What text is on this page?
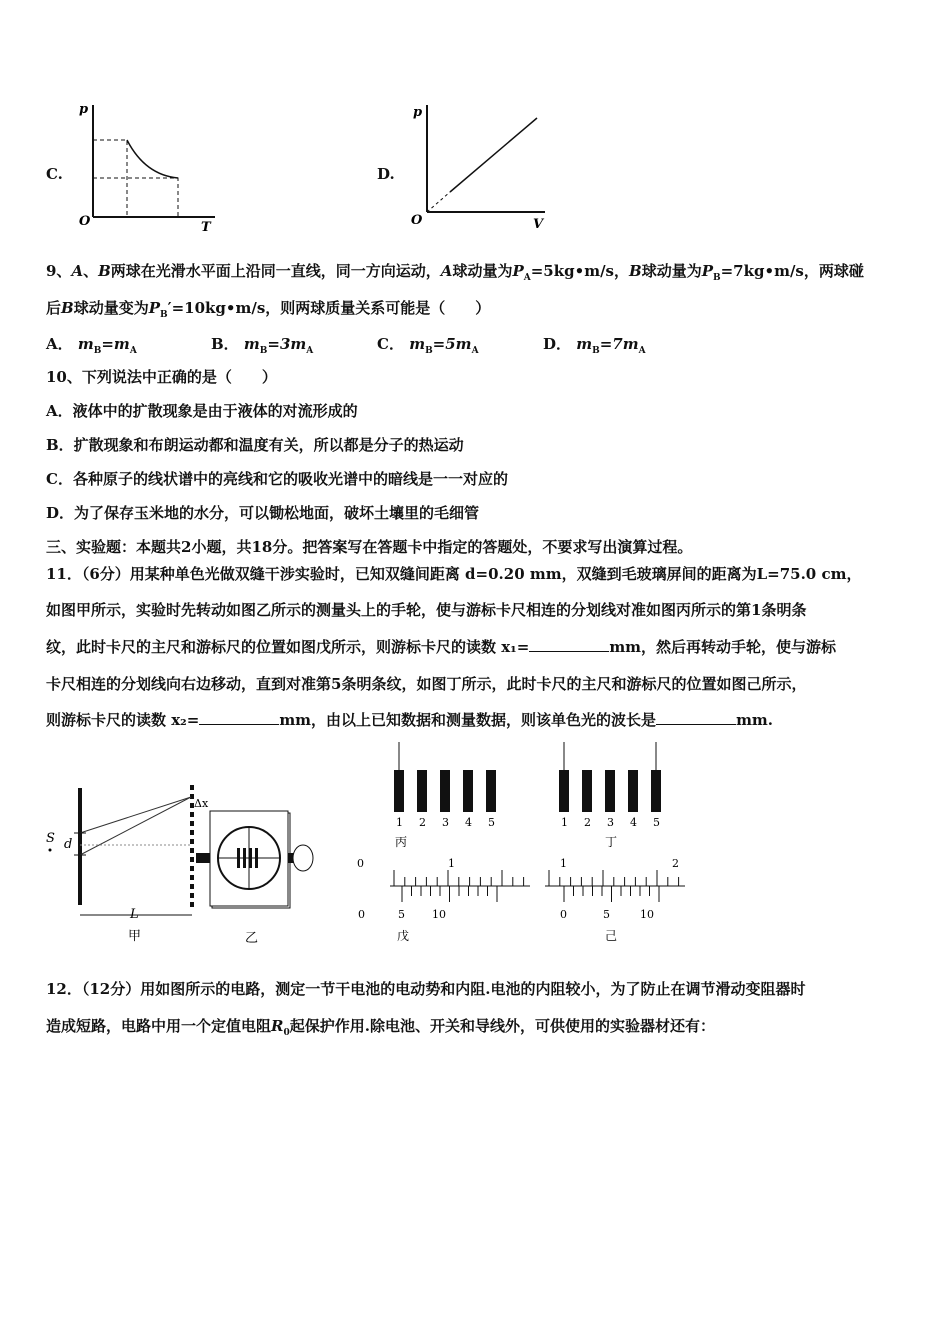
C.
p
O	T
D.
p
O	V
9、A、B两球在光滑水平面上沿同一直线，同一方向运动，A球动量为$P_A=5kg•m/s$，B球动量为$P_B=7kg•m/s$，两球碰
后B球动量变为$P_B'=10kg•m/s$，则两球质量关系可能是（　　）
A． $m_B=m_A$	B． $m_B=3m_A$	C． $m_B=5m_A$	D． $m_B=7m_A$
10、下列说法中正确的是（　　）
A．液体中的扩散现象是由于液体的对流形成的
B．扩散现象和布朗运动都和温度有关，所以都是分子的热运动
C．各种原子的线状谱中的亮线和它的吸收光谱中的暗线是一一对应的
D．为了保存玉米地的水分，可以锄松地面，破坏土壤里的毛细管
三、实验题：本题共2小题，共18分。把答案写在答题卡中指定的答题处，不要求写出演算过程。
11．（6分）用某种单色光做双缝干涉实验时，已知双缝间距离 d=0.20 mm，双缝到毛玻璃屏间的距离为L=75.0 cm，
如图甲所示，实验时先转动如图乙所示的测量头上的手轮，使与游标卡尺相连的分划线对准如图丙所示的第1条明条
纹，此时卡尺的主尺和游标尺的位置如图戊所示，则游标卡尺的读数 x₁=	mm，然后再转动手轮，使与游标
卡尺相连的分划线向右边移动，直到对准第5条明条纹，如图丁所示，此时卡尺的主尺和游标尺的位置如图己所示，
则游标卡尺的读数 x₂=	mm，由以上已知数据和测量数据，则该单色光的波长是	mm.
S d
L
Δx
甲	乙
1 2 3 4 5	1 2 3 4 5
丙	丁
0	1	1	2
0	5 10	0	5	10
戊	己
12．（12分）用如图所示的电路，测定一节干电池的电动势和内阻.电池的内阻较小，为了防止在调节滑动变阻器时
造成短路，电路中用一个定值电阻$R_0$起保护作用.除电池、开关和导线外，可供使用的实验器材还有：
